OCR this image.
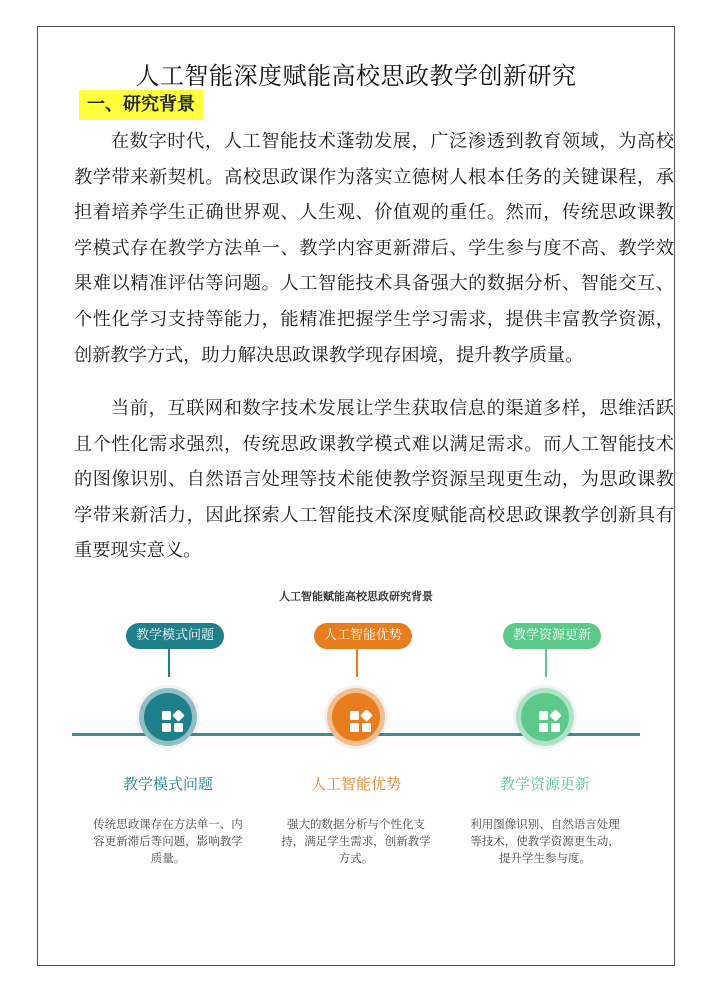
人工智能深度赋能高校思政教学创新研究
一、研究背景

在数字时代，人工智能技术蓬勃发展，广泛渗透到教育领域，为高校教学带来新契机。高校思政课作为落实立德树人根本任务的关键课程，承担着培养学生正确世界观、人生观、价值观的重任。然而，传统思政课教学模式存在教学方法单一、教学内容更新滞后、学生参与度不高、教学效果难以精准评估等问题。人工智能技术具备强大的数据分析、智能交互、个性化学习支持等能力，能精准把握学生学习需求，提供丰富教学资源，创新教学方式，助力解决思政课教学现存困境，提升教学质量。

当前，互联网和数字技术发展让学生获取信息的渠道多样，思维活跃且个性化需求强烈，传统思政课教学模式难以满足需求。而人工智能技术的图像识别、自然语言处理等技术能使教学资源呈现更生动，为思政课教学带来新活力，因此探索人工智能技术深度赋能高校思政课教学创新具有重要现实意义。

人工智能赋能高校思政研究背景
教学模式问题
教学模式问题
传统思政课存在方法单一、内容更新滞后等问题，影响教学质量。
人工智能优势
人工智能优势
强大的数据分析与个性化支持，满足学生需求，创新教学方式。
教学资源更新
教学资源更新
利用图像识别、自然语言处理等技术，使教学资源更生动，提升学生参与度。
